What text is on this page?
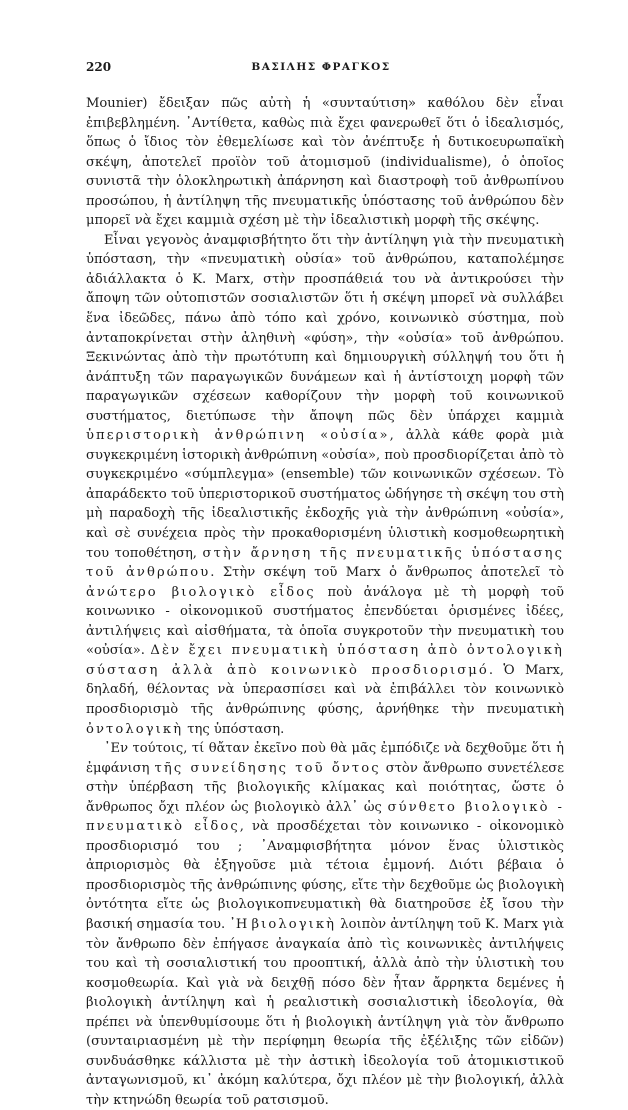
220	ΒΑΣΙΛΗΣ ΦΡΑΓΚΟΣ

Mounier) ἔδειξαν πῶς αὐτὴ ἡ «συνταύτιση» καθόλου δὲν εἶναι ἐπιβεβλημένη. ᾽Αντίθετα, καθὼς πιὰ ἔχει φανερωθεῖ ὅτι ὁ ἰδεαλισμός, ὅπως ὁ ἴδιος τὸν ἐθεμελίωσε καὶ τὸν ἀνέπτυξε ἡ δυτικοευρωπαϊκὴ σκέψη, ἀποτελεῖ προϊὸν τοῦ ἀτομισμοῦ (individualisme), ὁ ὁποῖος συνιστᾶ τὴν ὁλοκληρωτικὴ ἀπάρνηση καὶ διαστροφὴ τοῦ ἀνθρωπίνου προσώπου, ἡ ἀντίληψη τῆς πνευματικῆς ὑπόστασης τοῦ ἀνθρώπου δὲν μπορεῖ νὰ ἔχει καμμιὰ σχέση μὲ τὴν ἰδεαλιστικὴ μορφὴ τῆς σκέψης.

Εἶναι γεγονὸς ἀναμφισβήτητο ὅτι τὴν ἀντίληψη γιὰ τὴν πνευματικὴ ὑπόσταση, τὴν «πνευματικὴ οὐσία» τοῦ ἀνθρώπου, καταπολέμησε ἀδιάλλακτα ὁ Κ. Marx, στὴν προσπάθειά του νὰ ἀντικρούσει τὴν ἄποψη τῶν οὐτοπιστῶν σοσιαλιστῶν ὅτι ἡ σκέψη μπορεῖ νὰ συλλάβει ἕνα ἰδεῶδες, πάνω ἀπὸ τόπο καὶ χρόνο, κοινωνικὸ σύστημα, ποὺ ἀνταποκρίνεται στὴν ἀληθινὴ «φύση», τὴν «οὐσία» τοῦ ἀνθρώπου. Ξεκινώντας ἀπὸ τὴν πρωτότυπη καὶ δημιουργικὴ σύλληψή του ὅτι ἡ ἀνάπτυξη τῶν παραγωγικῶν δυνάμεων καὶ ἡ ἀντίστοιχη μορφὴ τῶν παραγωγικῶν σχέσεων καθορίζουν τὴν μορφὴ τοῦ κοινωνικοῦ συστήματος, διετύπωσε τὴν ἄποψη πῶς δὲν ὑπάρχει καμμιὰ ὑπεριστορικὴ ἀνθρώπινη «οὐσία», ἀλλὰ κάθε φορὰ μιὰ συγκεκριμένη ἱστορικὴ ἀνθρώπινη «οὐσία», ποὺ προσδιορίζεται ἀπὸ τὸ συγκεκριμένο «σύμπλεγμα» (ensemble) τῶν κοινωνικῶν σχέσεων. Τὸ ἀπαράδεκτο τοῦ ὑπεριστορικοῦ συστήματος ὡδήγησε τὴ σκέψη του στὴ μὴ παραδοχὴ τῆς ἰδεαλιστικῆς ἐκδοχῆς γιὰ τὴν ἀνθρώπινη «οὐσία», καὶ σὲ συνέχεια πρὸς τὴν προκαθορισμένη ὑλιστικὴ κοσμοθεωρητικὴ του τοποθέτηση, στὴν ἄρνηση τῆς πνευματικῆς ὑπόστασης τοῦ ἀνθρώπου. Στὴν σκέψη τοῦ Marx ὁ ἄνθρωπος ἀποτελεῖ τὸ ἀνώτερο βιολογικὸ εἶδος ποὺ ἀνάλογα μὲ τὴ μορφὴ τοῦ κοινωνικο - οἰκονομικοῦ συστήματος ἐπενδύεται ὁρισμένες ἰδέες, ἀντιλήψεις καὶ αἰσθήματα, τὰ ὁποῖα συγκροτοῦν τὴν πνευματικὴ του «οὐσία». Δὲν ἔχει πνευματικὴ ὑπόσταση ἀπὸ ὀντολογικὴ σύσταση ἀλλὰ ἀπὸ κοινωνικὸ προσδιορισμό. Ὁ Marx, δηλαδή, θέλοντας νὰ ὑπερασπίσει καὶ νὰ ἐπιβάλλει τὸν κοινωνικὸ προσδιορισμὸ τῆς ἀνθρώπινης φύσης, ἀρνήθηκε τὴν πνευματικὴ ὀντολογικὴ της ὑπόσταση.

᾽Εν τούτοις, τί θἄταν ἐκεῖνο ποὺ θὰ μᾶς ἐμπόδιζε νὰ δεχθοῦμε ὅτι ἡ ἐμφάνιση τῆς συνείδησης τοῦ ὄντος στὸν ἄνθρωπο συνετέλεσε στὴν ὑπέρβαση τῆς βιολογικῆς κλίμακας καὶ ποιότητας, ὥστε ὁ ἄνθρωπος ὄχι πλέον ὡς βιολογικὸ ἀλλ᾽ ὡς σύνθετο βιολογικὸ - πνευματικὸ εἶδος, νὰ προσδέχεται τὸν κοινωνικο - οἰκονομικὸ προσδιορισμό του ; ᾽Αναμφισβήτητα μόνον ἕνας ὑλιστικὸς ἀπριορισμὸς θὰ ἐξηγοῦσε μιὰ τέτοια ἐμμονή. Διότι βέβαια ὁ προσδιορισμὸς τῆς ἀνθρώπινης φύσης, εἴτε τὴν δεχθοῦμε ὡς βιολογικὴ ὀντότητα εἴτε ὡς βιολογικοπνευματικὴ θὰ διατηροῦσε ἐξ ἴσου τὴν βασική σημασία του. ᾽Η βιολογικὴ λοιπὸν ἀντίληψη τοῦ Κ. Marx γιὰ τὸν ἄνθρωπο δὲν ἐπήγασε ἀναγκαία ἀπὸ τὶς κοινωνικὲς ἀντιλήψεις του καὶ τὴ σοσιαλιστική του προοπτική, ἀλλὰ ἀπὸ τὴν ὑλιστικὴ του κοσμοθεωρία. Καὶ γιὰ νὰ δειχθῇ πόσο δὲν ἦταν ἄρρηκτα δεμένες ἡ βιολογικὴ ἀντίληψη καὶ ἡ ρεαλιστικὴ σοσιαλιστικὴ ἰδεολογία, θὰ πρέπει νὰ ὑπενθυμίσουμε ὅτι ἡ βιολογικὴ ἀντίληψη γιὰ τὸν ἄνθρωπο (συνταιριασμένη μὲ τὴν περίφημη θεωρία τῆς ἐξέλιξης τῶν εἰδῶν) συνδυάσθηκε κάλλιστα μὲ τὴν ἀστικὴ ἰδεολογία τοῦ ἀτομικιστικοῦ ἀνταγωνισμοῦ, κι᾽ ἀκόμη καλύτερα, ὄχι πλέον μὲ τὴν βιολογική, ἀλλὰ τὴν κτηνώδη θεωρία τοῦ ρατσισμοῦ.
